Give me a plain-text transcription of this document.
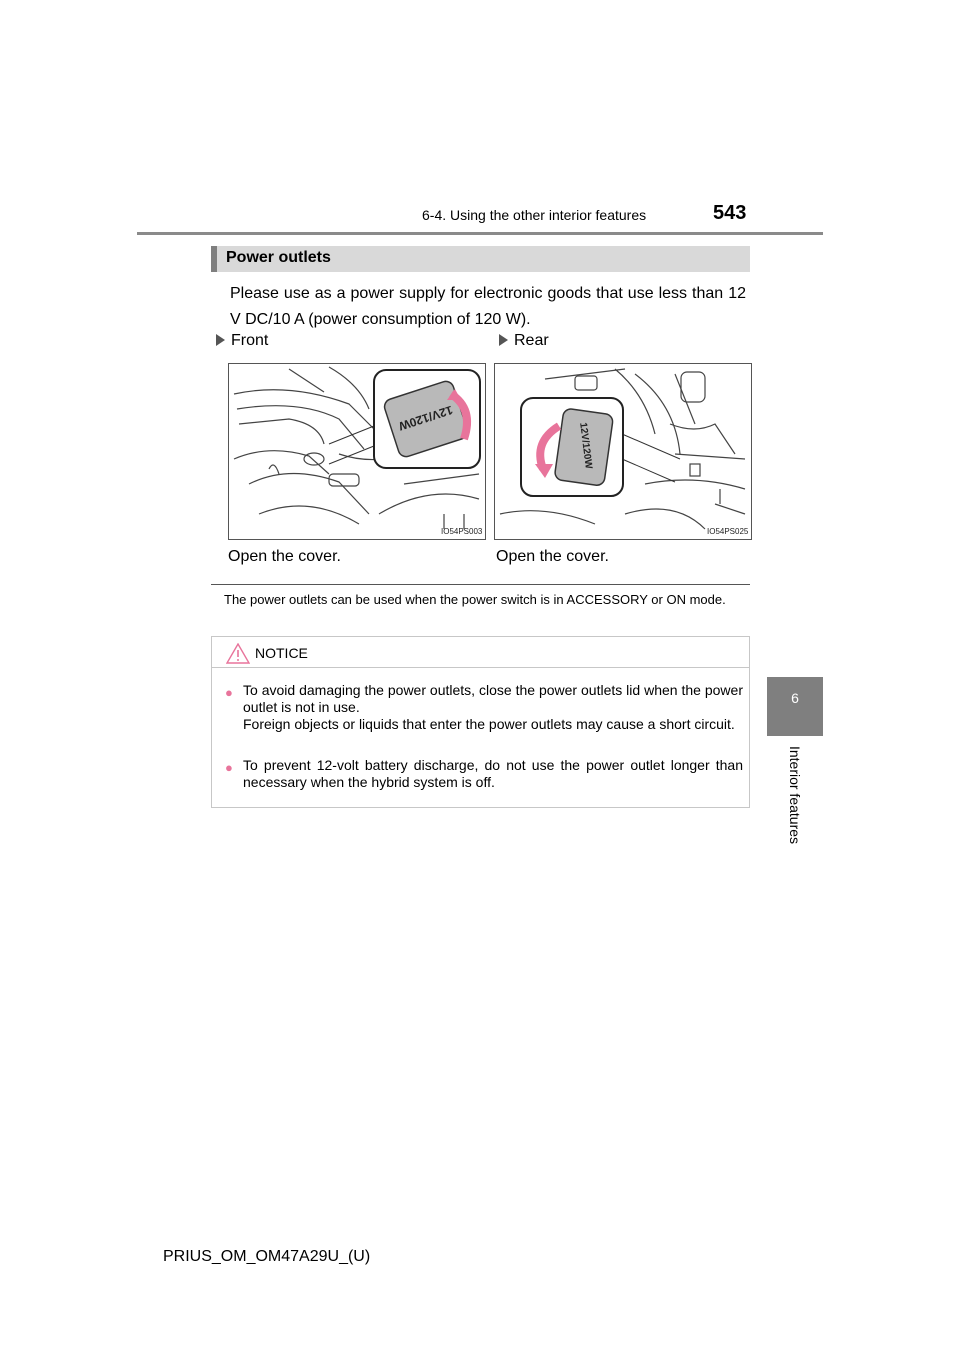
6-4. Using the other interior features	543
6
Interior features
Power outlets
Please use as a power supply for electronic goods that use less than 12 V DC/10 A (power consumption of 120 W).
Front	Rear
12V/120W
IO54PS003
12V/120W
IO54PS025
Open the cover.	Open the cover.
The power outlets can be used when the power switch is in ACCESSORY or ON mode.
NOTICE
● To avoid damaging the power outlets, close the power outlets lid when the power outlet is not in use.
Foreign objects or liquids that enter the power outlets may cause a short circuit.
● To prevent 12-volt battery discharge, do not use the power outlet longer than necessary when the hybrid system is off.
PRIUS_OM_OM47A29U_(U)
